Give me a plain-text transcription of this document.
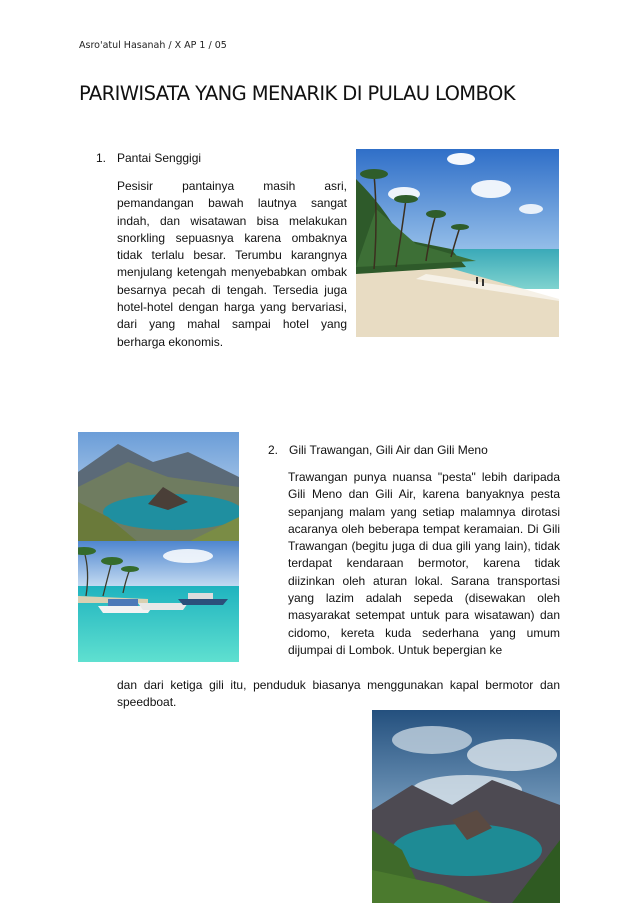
Asro'atul Hasanah / X AP 1 / 05
PARIWISATA YANG MENARIK DI PULAU LOMBOK
1. Pantai Senggigi

Pesisir pantainya masih asri, pemandangan bawah lautnya sangat indah, dan wisatawan bisa melakukan snorkling sepuasnya karena ombaknya tidak terlalu besar. Terumbu karangnya menjulang ketengah menyebabkan ombak besarnya pecah di tengah. Tersedia juga hotel-hotel dengan harga yang bervariasi, dari yang mahal sampai hotel yang berharga ekonomis.

2. Gili Trawangan, Gili Air dan Gili Meno

Trawangan punya nuansa "pesta" lebih daripada Gili Meno dan Gili Air, karena banyaknya pesta sepanjang malam yang setiap malamnya dirotasi acaranya oleh beberapa tempat keramaian. Di Gili Trawangan (begitu juga di dua gili yang lain), tidak terdapat kendaraan bermotor, karena tidak diizinkan oleh aturan lokal. Sarana transportasi yang lazim adalah sepeda (disewakan oleh masyarakat setempat untuk para wisatawan) dan cidomo, kereta kuda sederhana yang umum dijumpai di Lombok. Untuk bepergian ke

dan dari ketiga gili itu, penduduk biasanya menggunakan kapal bermotor dan speedboat.
